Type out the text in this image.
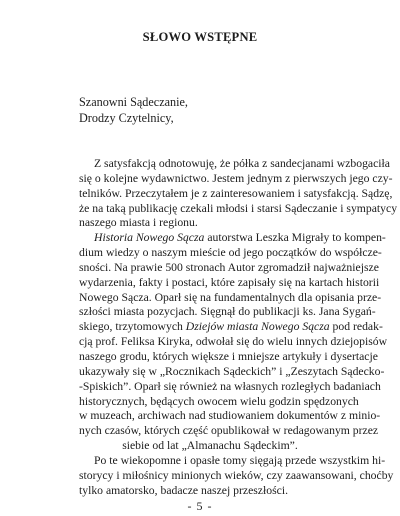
SŁOWO WSTĘPNE
Szanowni Sądeczanie,
Drodzy Czytelnicy,
Z satysfakcją odnotowuję, że półka z sandecjanami wzbogaciła
się o kolejne wydawnictwo. Jestem jednym z pierwszych jego czy-
telników. Przeczytałem je z zainteresowaniem i satysfakcją. Sądzę,
że na taką publikację czekali młodsi i starsi Sądeczanie i sympatycy
naszego miasta i regionu.
Historia Nowego Sącza autorstwa Leszka Migrały to kompen-
dium wiedzy o naszym mieście od jego początków do współcze-
sności. Na prawie 500 stronach Autor zgromadził najważniejsze
wydarzenia, fakty i postaci, które zapisały się na kartach historii
Nowego Sącza. Oparł się na fundamentalnych dla opisania prze-
szłości miasta pozycjach. Sięgnął do publikacji ks. Jana Sygań-
skiego, trzytomowych Dziejów miasta Nowego Sącza pod redak-
cją prof. Feliksa Kiryka, odwołał się do wielu innych dziejopisów
naszego grodu, których większe i mniejsze artykuły i dysertacje
ukazywały się w „Rocznikach Sądeckich” i „Zeszytach Sądecko-
-Spiskich”. Oparł się również na własnych rozległych badaniach
historycznych, będących owocem wielu godzin spędzonych
w muzeach, archiwach nad studiowaniem dokumentów z minio-
nych czasów, których część opublikował w redagowanym przez
siebie od lat „Almanachu Sądeckim”.
Po te wiekopomne i opasłe tomy sięgają przede wszystkim hi-
storycy i miłośnicy minionych wieków, czy zaawansowani, choćby
tylko amatorsko, badacze naszej przeszłości.
- 5 -
